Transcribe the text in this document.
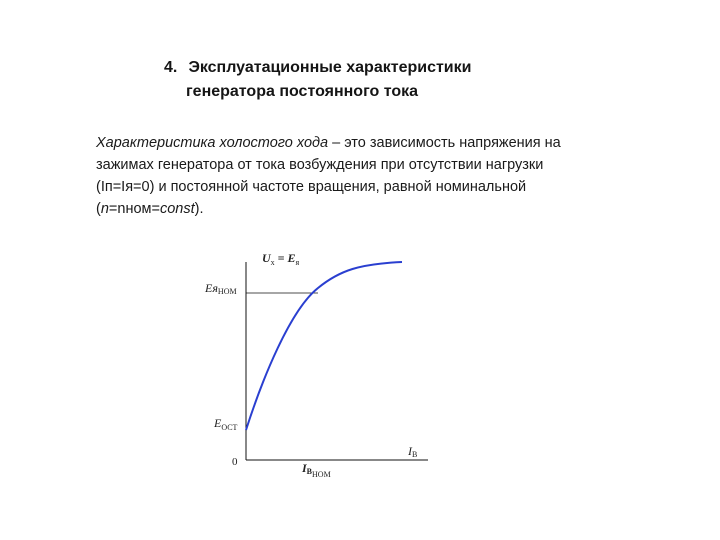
4. Эксплуатационные характеристики
генератора постоянного тока
Характеристика холостого хода – это зависимость напряжения на
зажимах генератора от тока возбуждения при отсутствии нагрузки
(Iп=Iя=0) и постоянной частоте вращения, равной номинальной
(n=nном=const).
Ux = Eя
EяНОМ
EОСТ
0
IВ
IВНОМ
